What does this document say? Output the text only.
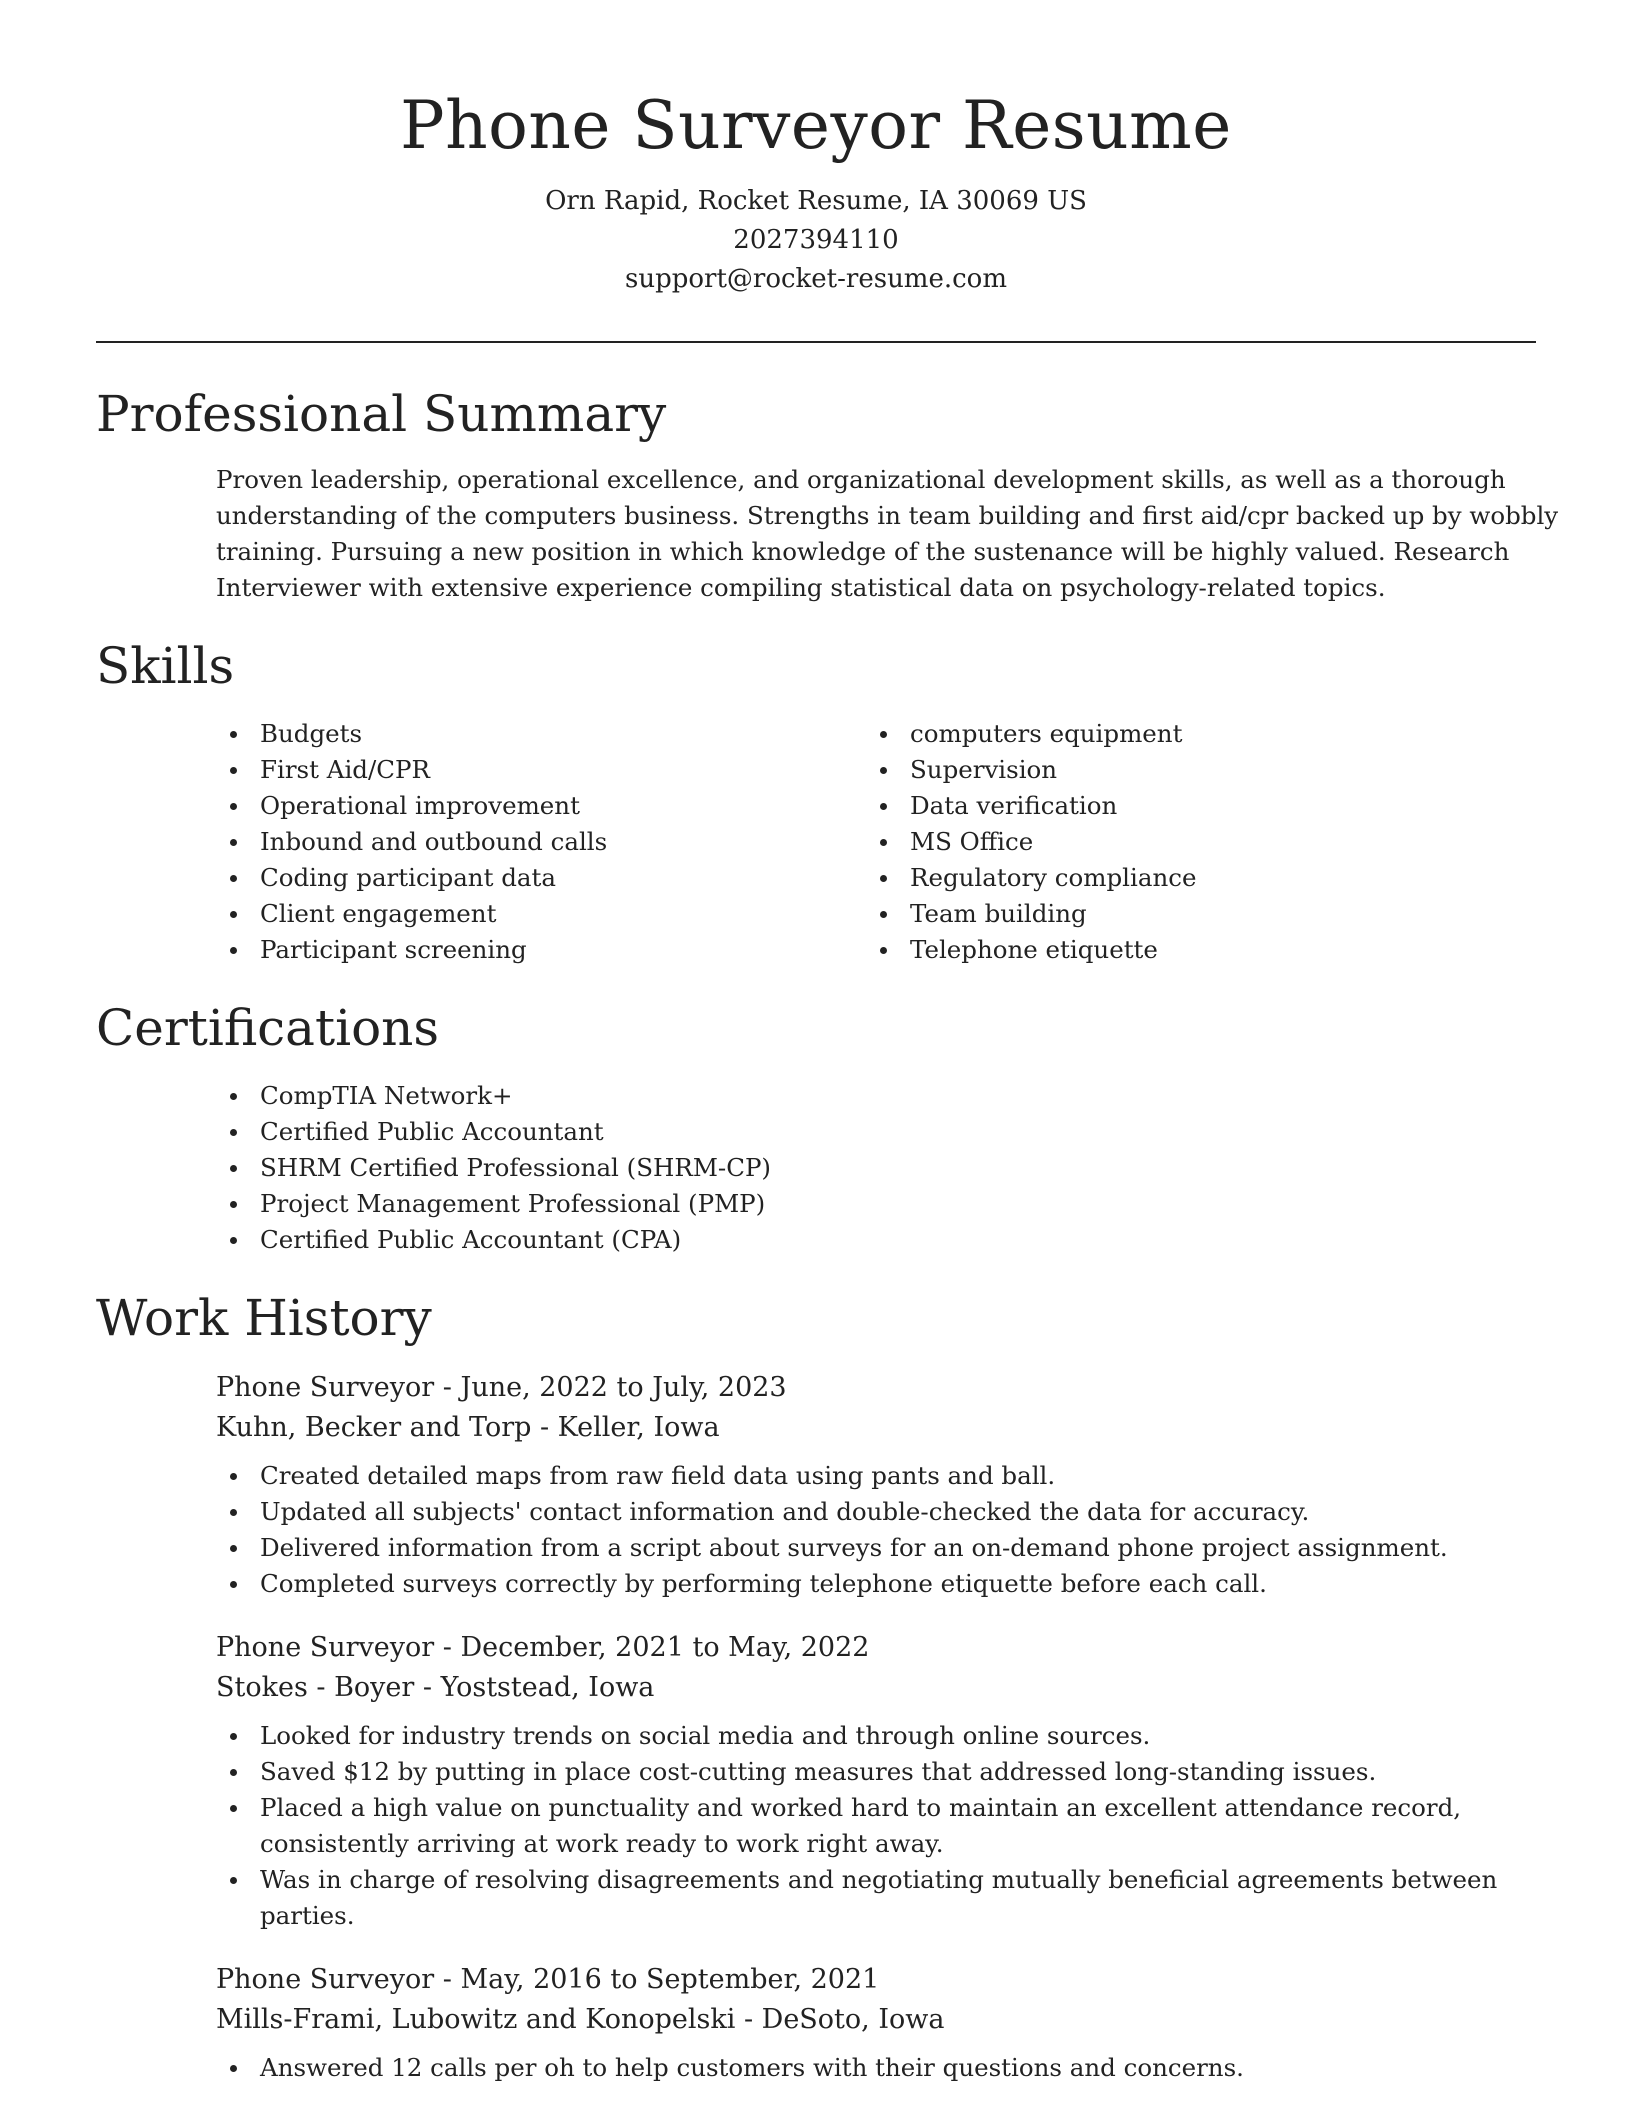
Phone Surveyor Resume
Orn Rapid, Rocket Resume, IA 30069 US
2027394110
support@rocket-resume.com
Professional Summary
Proven leadership, operational excellence, and organizational development skills, as well as a thorough understanding of the computers business. Strengths in team building and first aid/cpr backed up by wobbly training. Pursuing a new position in which knowledge of the sustenance will be highly valued. Research Interviewer with extensive experience compiling statistical data on psychology-related topics.
Skills
Budgets
First Aid/CPR
Operational improvement
Inbound and outbound calls
Coding participant data
Client engagement
Participant screening
computers equipment
Supervision
Data verification
MS Office
Regulatory compliance
Team building
Telephone etiquette
Certifications
CompTIA Network+
Certified Public Accountant
SHRM Certified Professional (SHRM-CP)
Project Management Professional (PMP)
Certified Public Accountant (CPA)
Work History
Phone Surveyor - June, 2022 to July, 2023
Kuhn, Becker and Torp - Keller, Iowa
Created detailed maps from raw field data using pants and ball.
Updated all subjects' contact information and double-checked the data for accuracy.
Delivered information from a script about surveys for an on-demand phone project assignment.
Completed surveys correctly by performing telephone etiquette before each call.
Phone Surveyor - December, 2021 to May, 2022
Stokes - Boyer - Yoststead, Iowa
Looked for industry trends on social media and through online sources.
Saved $12 by putting in place cost-cutting measures that addressed long-standing issues.
Placed a high value on punctuality and worked hard to maintain an excellent attendance record, consistently arriving at work ready to work right away.
Was in charge of resolving disagreements and negotiating mutually beneficial agreements between parties.
Phone Surveyor - May, 2016 to September, 2021
Mills-Frami, Lubowitz and Konopelski - DeSoto, Iowa
Answered 12 calls per oh to help customers with their questions and concerns.
